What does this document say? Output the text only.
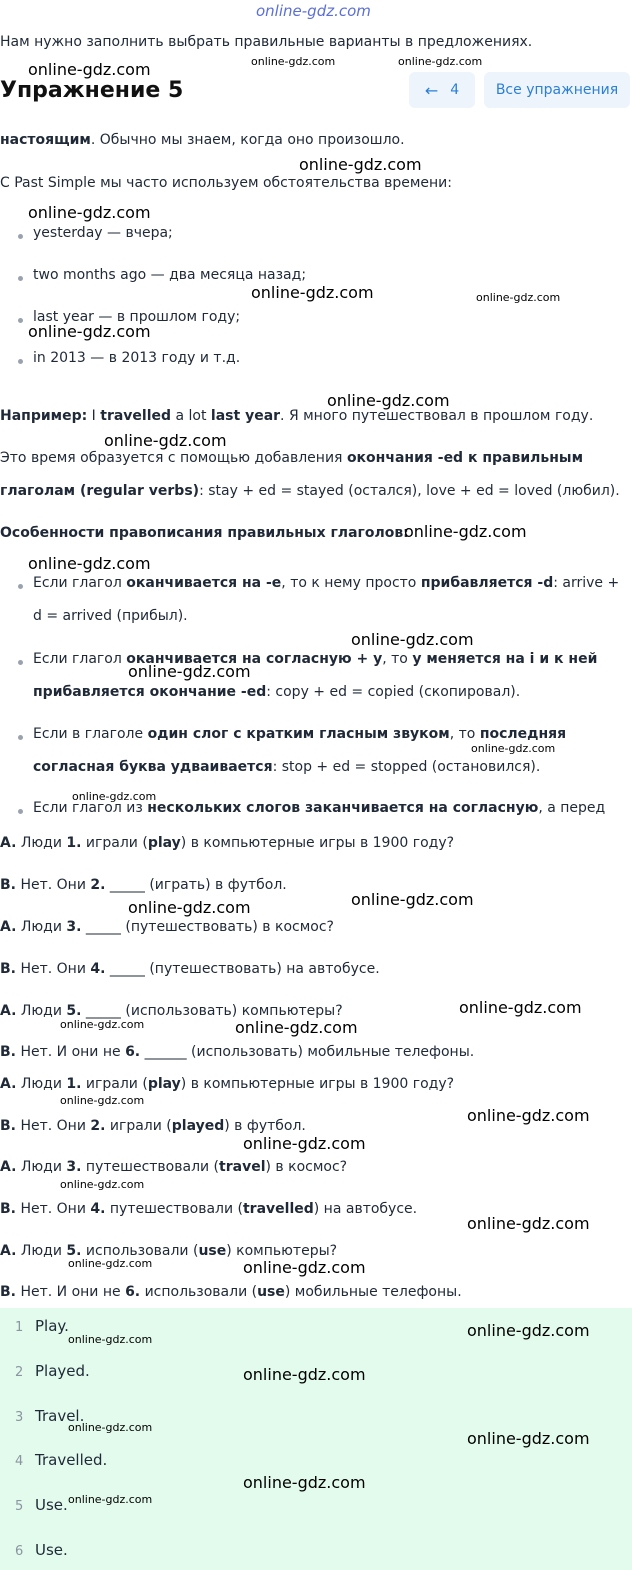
online-gdz.com
Нам нужно заполнить выбрать правильные варианты в предложениях.
Упражнение 5	← 4	Все упражнения
настоящим. Обычно мы знаем, когда оно произошло.
С Past Simple мы часто используем обстоятельства времени:
yesterday — вчера;
two months ago — два месяца назад;
last year — в прошлом году;
in 2013 — в 2013 году и т.д.
Например: I travelled a lot last year. Я много путешествовал в прошлом году.
Это время образуется с помощью добавления окончания -ed к правильным
глаголам (regular verbs): stay + ed = stayed (остался), love + ed = loved (любил).
Особенности правописания правильных глаголов:
Если глагол оканчивается на -е, то к нему просто прибавляется -d: arrive +
d = arrived (прибыл).
Если глагол оканчивается на согласную + у, то у меняется на i и к ней
прибавляется окончание -ed: copy + ed = copied (скопировал).
Если в глаголе один слог с кратким гласным звуком, то последняя
согласная буква удваивается: stop + ed = stopped (остановился).
Если глагол из нескольких слогов заканчивается на согласную, а перед
A. Люди 1. играли (play) в компьютерные игры в 1900 году?
B. Нет. Они 2. _____ (играть) в футбол.
A. Люди 3. _____ (путешествовать) в космос?
B. Нет. Они 4. _____ (путешествовать) на автобусе.
A. Люди 5. _____ (использовать) компьютеры?
B. Нет. И они не 6. ______ (использовать) мобильные телефоны.
A. Люди 1. играли (play) в компьютерные игры в 1900 году?
B. Нет. Они 2. играли (played) в футбол.
A. Люди 3. путешествовали (travel) в космос?
B. Нет. Они 4. путешествовали (travelled) на автобусе.
A. Люди 5. использовали (use) компьютеры?
B. Нет. И они не 6. использовали (use) мобильные телефоны.
1 Play.
2 Played.
3 Travel.
4 Travelled.
5 Use.
6 Use.
online-gdz.com	online-gdz.com
online-gdz.com
online-gdz.com
online-gdz.com
online-gdz.com	online-gdz.com
online-gdz.com
online-gdz.com
online-gdz.com
online-gdz.com
online-gdz.com
online-gdz.com
online-gdz.com
online-gdz.com
online-gdz.com
online-gdz.com
online-gdz.com
online-gdz.com
online-gdz.com	online-gdz.com
online-gdz.com
online-gdz.com
online-gdz.com
online-gdz.com
online-gdz.com
online-gdz.com	online-gdz.com
online-gdz.com
online-gdz.com
online-gdz.com
online-gdz.com
online-gdz.com
online-gdz.com
online-gdz.com
